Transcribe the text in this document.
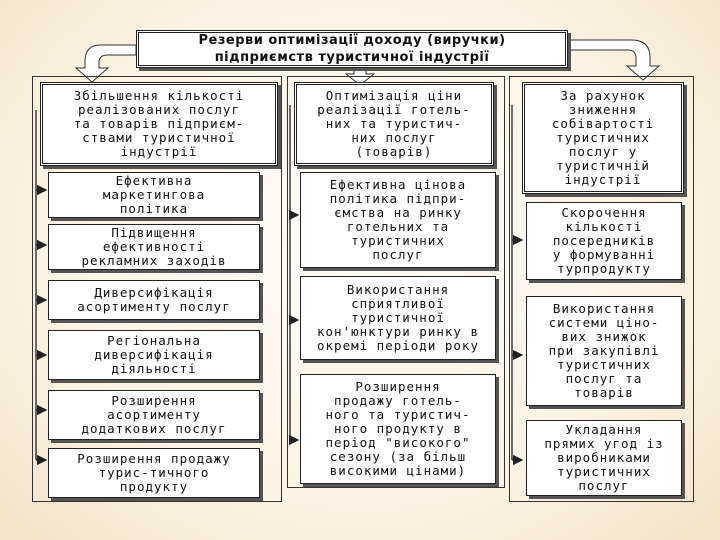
Резерви оптимізації доходу (виручки)
підприємств туристичної індустрії
Збільшення кількості
реалізованих послуг
та товарів підприєм-
ствами туристичної
індустрії
Оптимізація ціни
реалізації готель-
них та туристич-
них послуг
(товарів)
За рахунок
зниження
собівартості
туристичних
послуг у
туристичній
індустрії
Ефективна
маркетингова
політика
Підвищення
ефективності
рекламних заходів
Диверсифікація
асортименту послуг
Регіональна
диверсифікація
діяльності
Розширення
асортименту
додаткових послуг
Розширення продажу
турис-тичного
продукту
Ефективна цінова
політика підпри-
ємства на ринку
готельних та
туристичних
послуг
Використання
сприятливої
туристичної
кон'юнктури ринку в
окремі періоди року
Розширення
продажу готель-
ного та туристич-
ного продукту в
період "високого"
сезону (за більш
високими цінами)
Скорочення
кількості
посередників
у формуванні
турпродукту
Використання
системи ціно-
вих знижок
при закупівлі
туристичних
послуг та
товарів
Укладання
прямих угод із
виробниками
туристичних
послуг
